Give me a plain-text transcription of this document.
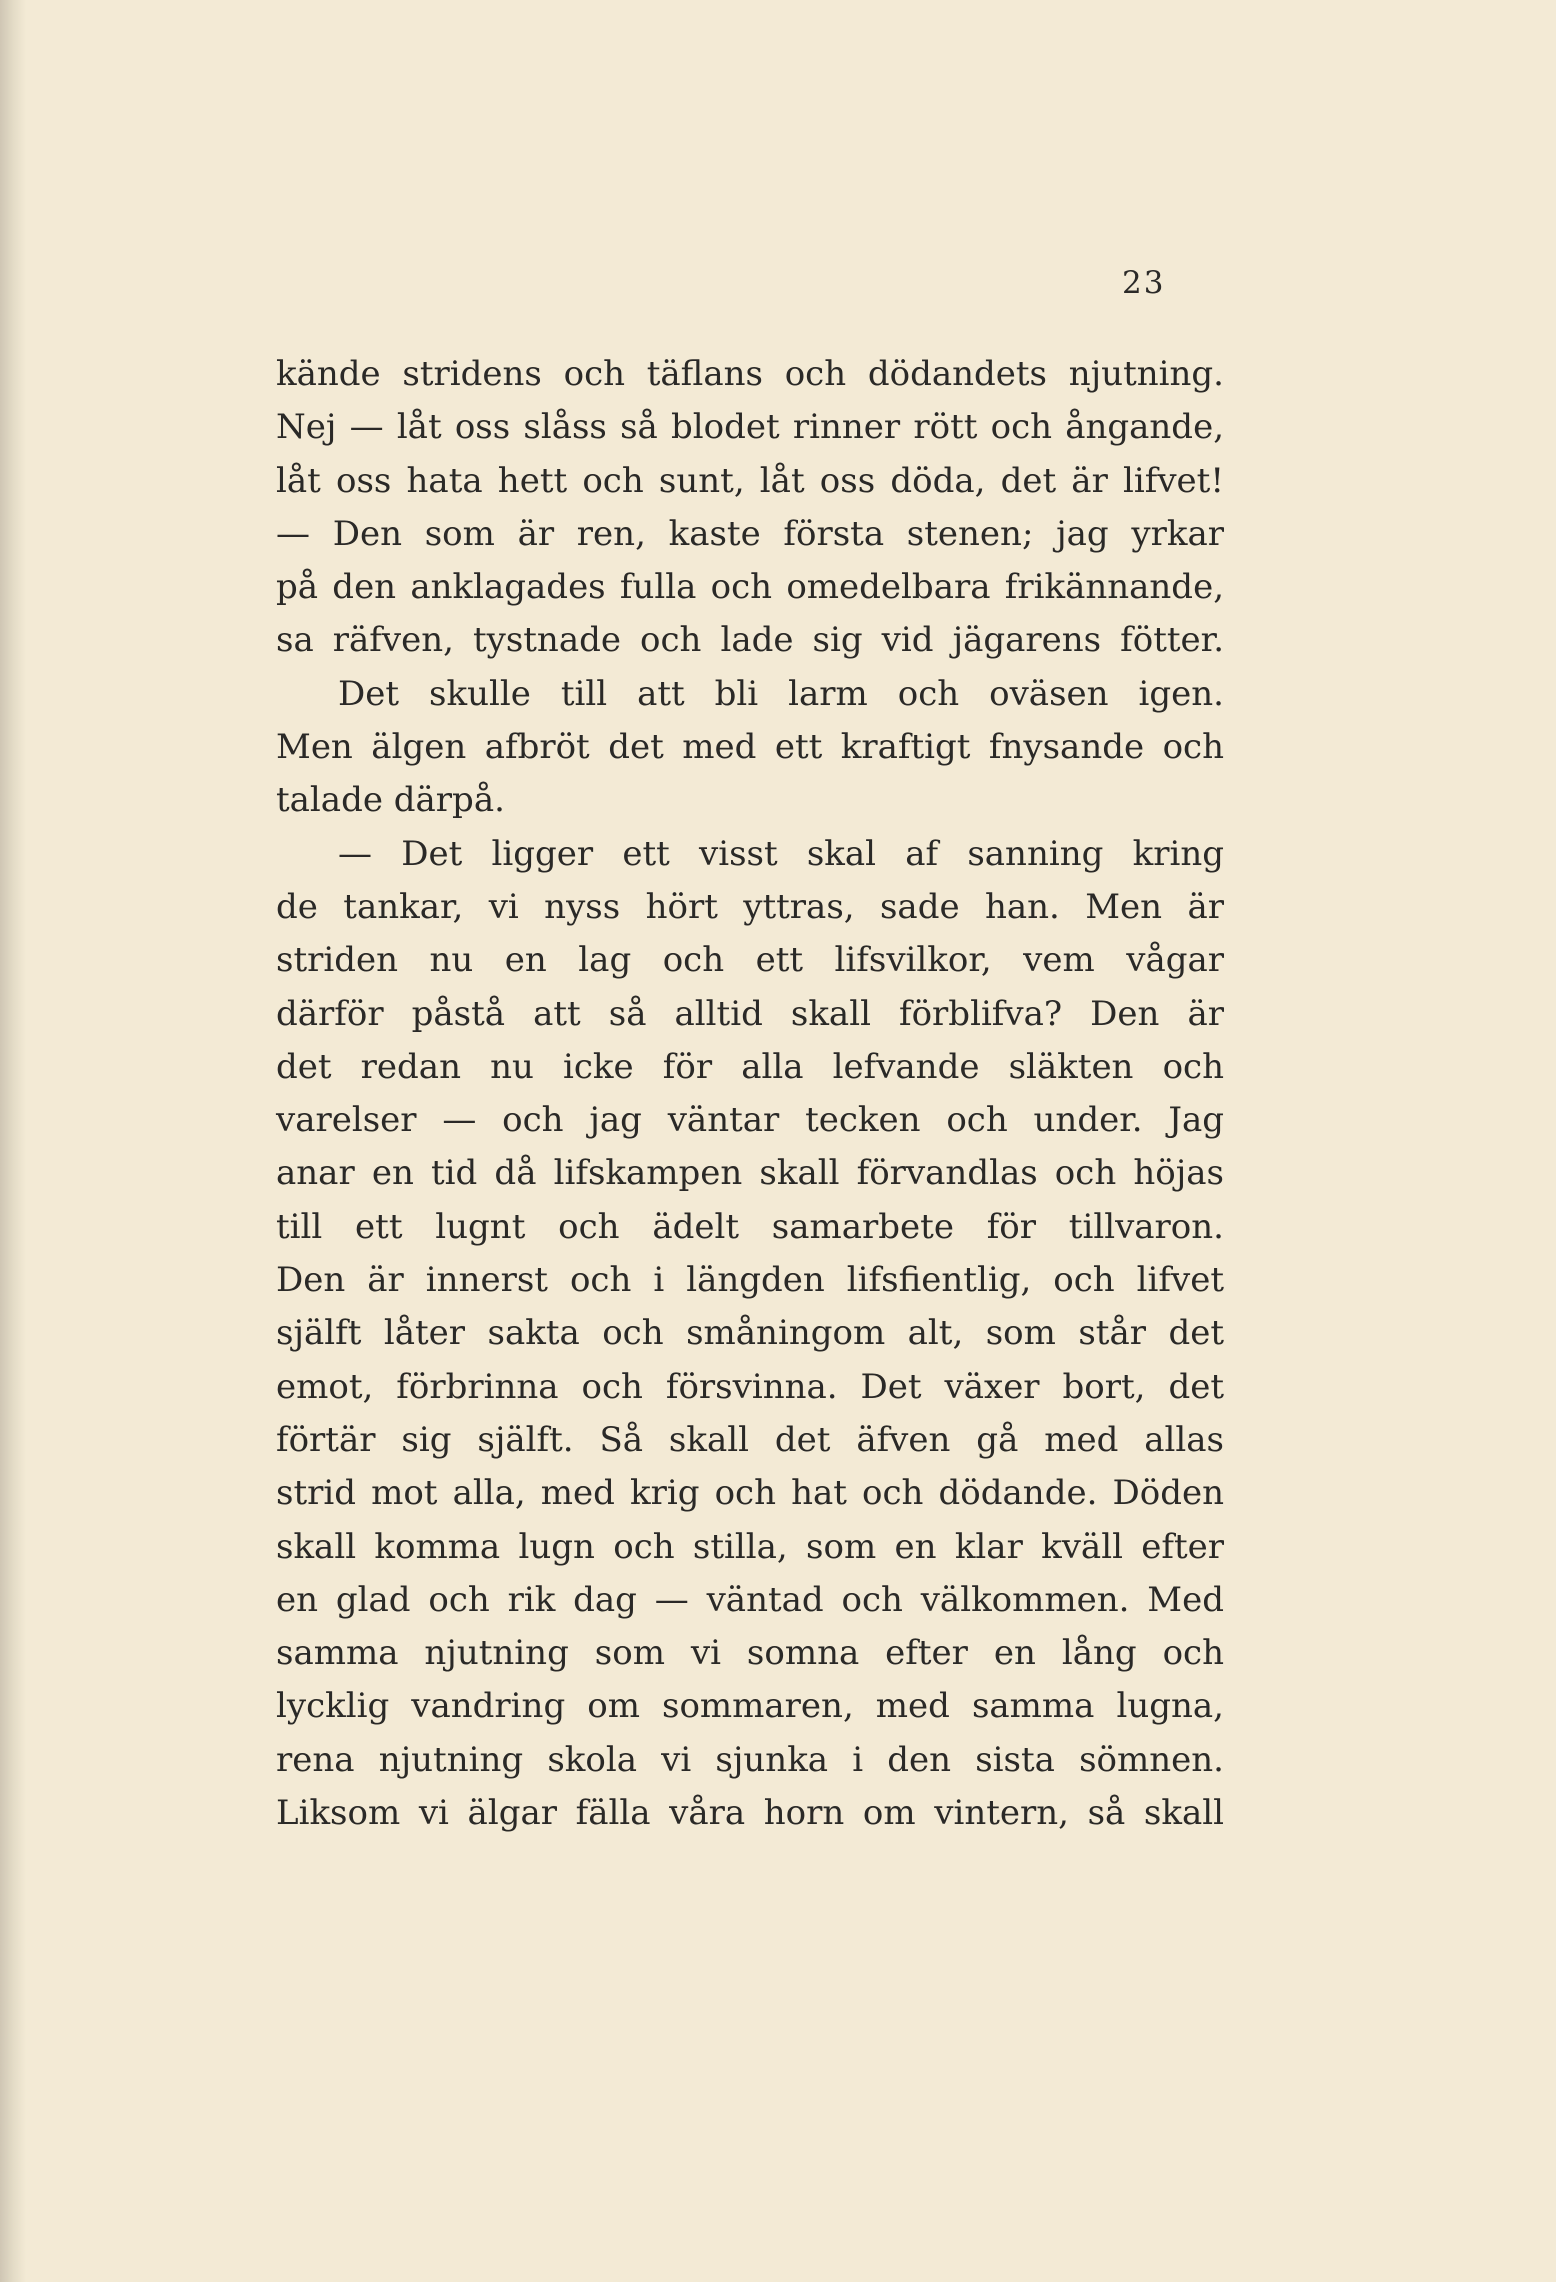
23
kände stridens och täflans och dödandets njutning.
Nej — låt oss slåss så blodet rinner rött och ångande,
låt oss hata hett och sunt, låt oss döda, det är lifvet!
— Den som är ren, kaste första stenen; jag yrkar
på den anklagades fulla och omedelbara frikännande,
sa räfven, tystnade och lade sig vid jägarens fötter.
Det skulle till att bli larm och oväsen igen.
Men älgen afbröt det med ett kraftigt fnysande och
talade därpå.
— Det ligger ett visst skal af sanning kring
de tankar, vi nyss hört yttras, sade han. Men är
striden nu en lag och ett lifsvilkor, vem vågar
därför påstå att så alltid skall förblifva? Den är
det redan nu icke för alla lefvande släkten och
varelser — och jag väntar tecken och under. Jag
anar en tid då lifskampen skall förvandlas och höjas
till ett lugnt och ädelt samarbete för tillvaron.
Den är innerst och i längden lifsfientlig, och lifvet
själft låter sakta och småningom alt, som står det
emot, förbrinna och försvinna. Det växer bort, det
förtär sig själft. Så skall det äfven gå med allas
strid mot alla, med krig och hat och dödande. Döden
skall komma lugn och stilla, som en klar kväll efter
en glad och rik dag — väntad och välkommen. Med
samma njutning som vi somna efter en lång och
lycklig vandring om sommaren, med samma lugna,
rena njutning skola vi sjunka i den sista sömnen.
Liksom vi älgar fälla våra horn om vintern, så skall
